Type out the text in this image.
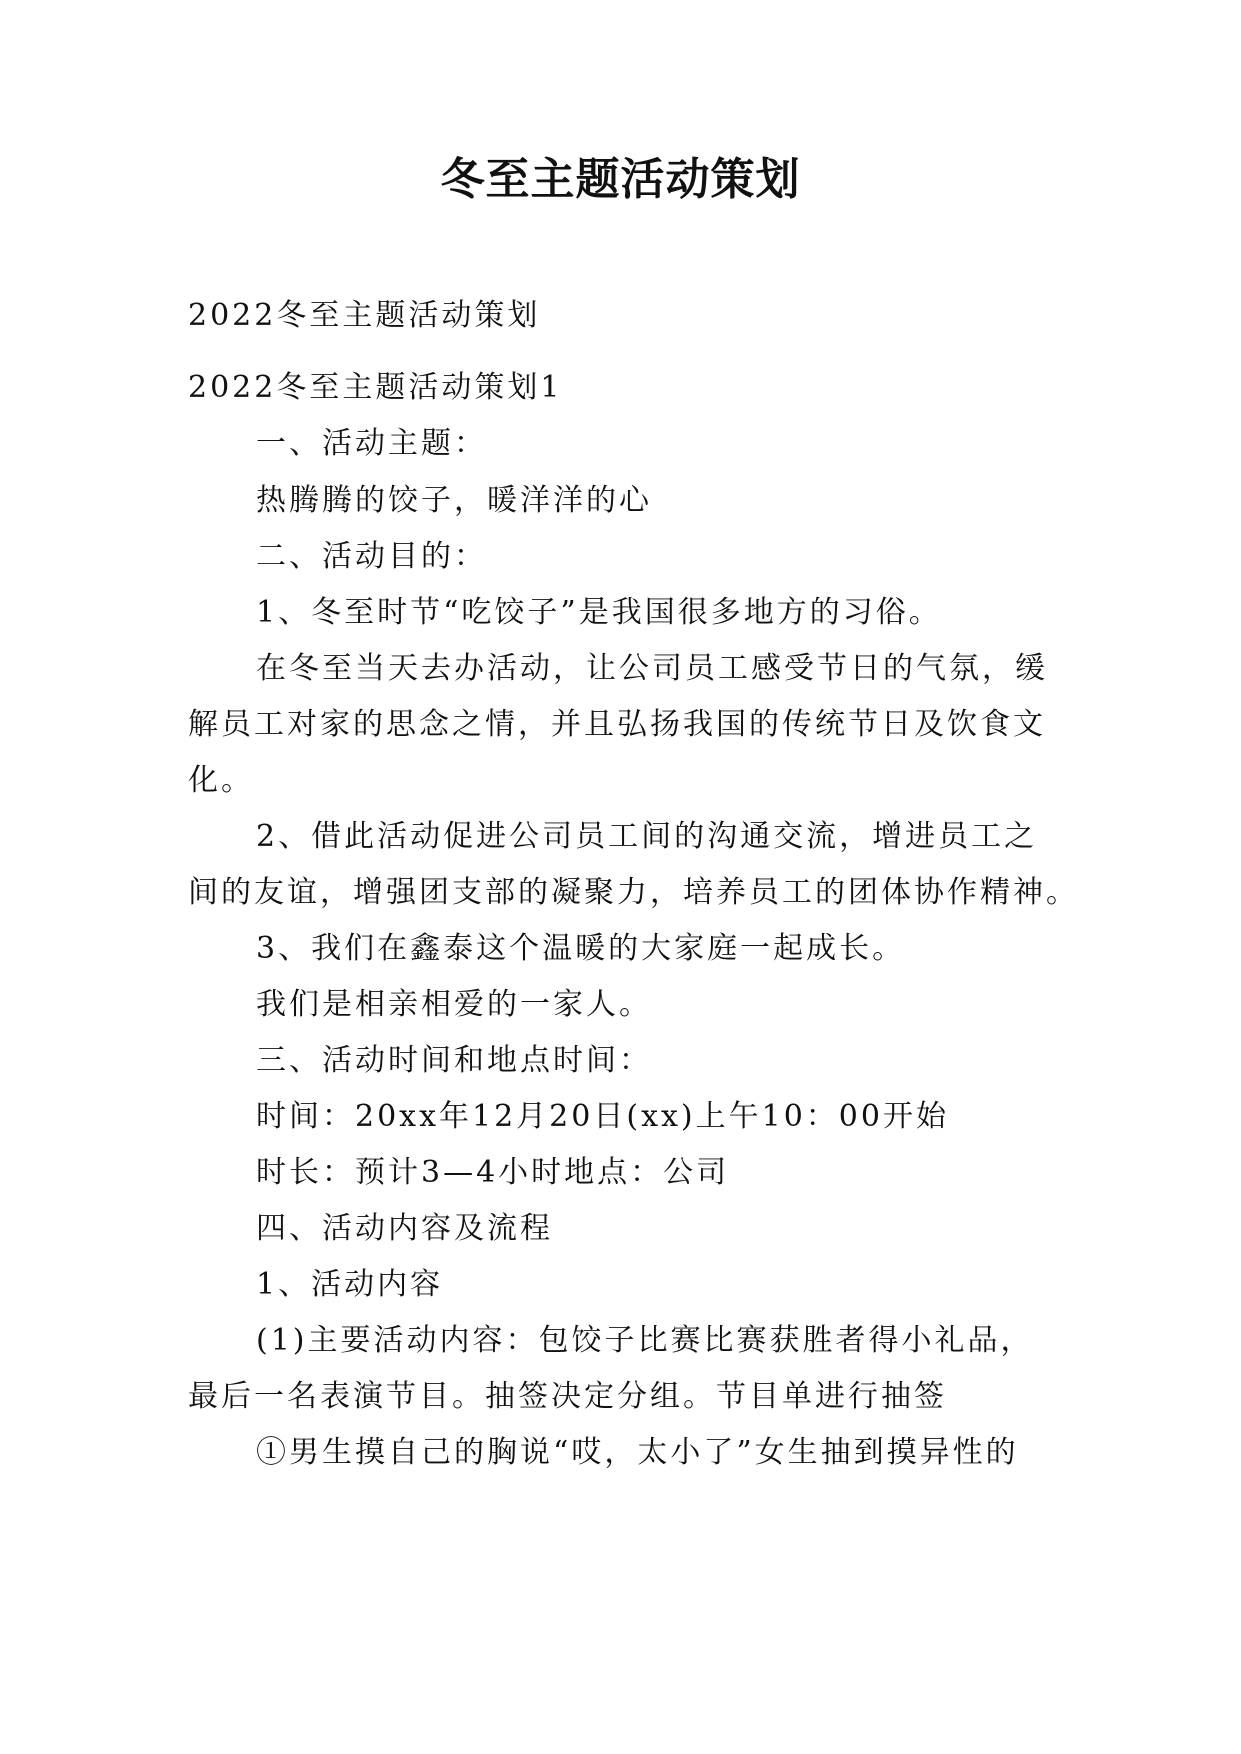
冬至主题活动策划
2022冬至主题活动策划
2022冬至主题活动策划1
一、活动主题：
热腾腾的饺子，暖洋洋的心
二、活动目的：
1、冬至时节“吃饺子”是我国很多地方的习俗。
在冬至当天去办活动，让公司员工感受节日的气氛，缓
解员工对家的思念之情，并且弘扬我国的传统节日及饮食文
化。
2、借此活动促进公司员工间的沟通交流，增进员工之
间的友谊，增强团支部的凝聚力，培养员工的团体协作精神。
3、我们在鑫泰这个温暖的大家庭一起成长。
我们是相亲相爱的一家人。
三、活动时间和地点时间：
时间：20xx年12月20日(xx)上午10：00开始
时长：预计3—4小时地点：公司
四、活动内容及流程
1、活动内容
(1)主要活动内容：包饺子比赛比赛获胜者得小礼品，
最后一名表演节目。抽签决定分组。节目单进行抽签
①男生摸自己的胸说“哎，太小了”女生抽到摸异性的
